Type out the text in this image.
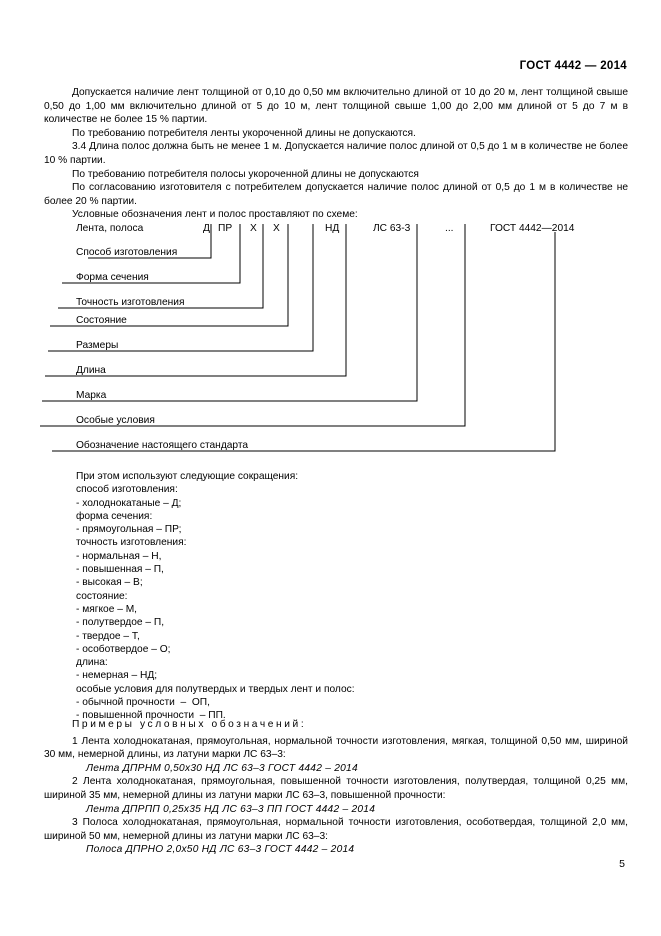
ГОСТ 4442 — 2014

Допускается наличие лент толщиной от 0,10 до 0,50 мм включительно длиной от 10 до 20 м, лент толщиной свыше 0,50 до 1,00 мм включительно длиной от 5 до 10 м, лент толщиной свыше 1,00 до 2,00 мм длиной от 5 до 7 м в количестве не более 15 % партии.

По требованию потребителя ленты укороченной длины не допускаются.

3.4 Длина полос должна быть не менее 1 м. Допускается наличие полос длиной от 0,5 до 1 м в количестве не более 10 % партии.

По требованию потребителя полосы укороченной длины не допускаются

По согласованию изготовителя с потребителем допускается наличие полос длиной от 0,5 до 1 м в количестве не более 20 % партии.

Условные обозначения лент и полос проставляют по схеме:

Лента, полоса	Д ПР Х Х	НД	ЛС 63-3	...	ГОСТ 4442—2014
Способ изготовления
Форма сечения
Точность изготовления
Состояние
Размеры
Длина
Марка
Особые условия
Обозначение настоящего стандарта

При этом используют следующие сокращения:

способ изготовления:

- холоднокатаные – Д;

форма сечения:

- прямоугольная – ПР;

точность изготовления:

- нормальная – Н,

- повышенная – П,

- высокая – В;

состояние:

- мягкое – М,

- полутвердое – П,

- твердое – Т,

- особотвердое – О;

длина:

- немерная – НД;

особые условия для полутвердых и твердых лент и полос:

- обычной прочности  –  ОП,

- повышенной прочности  – ПП.

Примеры условных обозначений:

1 Лента холоднокатаная, прямоугольная, нормальной точности изготовления, мягкая, толщиной 0,50 мм, шириной 30 мм, немерной длины, из латуни марки ЛС 63–3:

Лента ДПРНМ 0,50х30 НД ЛС 63–3 ГОСТ 4442 – 2014

2 Лента холоднокатаная, прямоугольная, повышенной точности изготовления, полутвердая, толщиной 0,25 мм, шириной 35 мм, немерной длины из латуни марки ЛС 63–3, повышенной прочности:

Лента ДПРПП 0,25х35 НД ЛС 63–3 ПП ГОСТ 4442 – 2014

3 Полоса холоднокатаная, прямоугольная, нормальной точности изготовления, особотвердая, толщиной 2,0 мм, шириной 50 мм, немерной длины из латуни марки ЛС 63–3:

Полоса ДПРНО 2,0х50 НД ЛС 63–3 ГОСТ 4442 – 2014

5
